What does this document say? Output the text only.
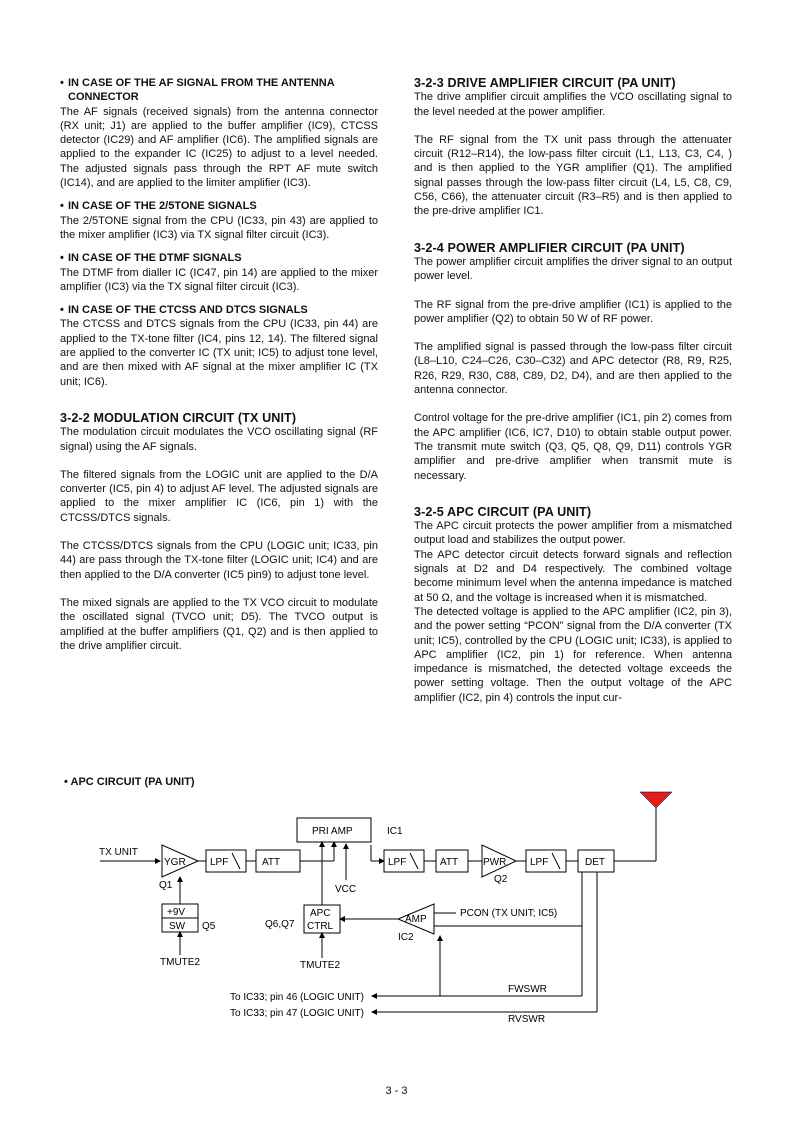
• IN CASE OF THE AF SIGNAL FROM THE ANTENNA
CONNECTOR

The AF signals (received signals) from the antenna connector (RX unit; J1) are applied to the buffer amplifier (IC9), CTCSS detector (IC29) and AF amplifier (IC6). The amplified signals are applied to the expander IC (IC25) to adjust to a level needed. The adjusted signals pass through the RPT AF mute switch (IC14), and are applied to the limiter amplifier (IC3).

• IN CASE OF THE 2/5TONE SIGNALS

The 2/5TONE signal from the CPU (IC33, pin 43) are applied to the mixer amplifier (IC3) via TX signal filter circuit (IC3).

• IN CASE OF THE DTMF SIGNALS

The DTMF from dialler IC (IC47, pin 14) are applied to the mixer amplifier (IC3) via the TX signal filter circuit (IC3).

• IN CASE OF THE CTCSS AND DTCS SIGNALS

The CTCSS and DTCS signals from the CPU (IC33, pin 44) are applied to the TX-tone filter (IC4, pins 12, 14). The filtered signal are applied to the converter IC (TX unit; IC5) to adjust tone level, and are then mixed with AF signal at the mixer amplifier IC (TX unit; IC6).

3-2-2 MODULATION CIRCUIT (TX UNIT)

The modulation circuit modulates the VCO oscillating signal (RF signal) using the AF signals.

The filtered signals from the LOGIC unit are applied to the D/A converter (IC5, pin 4) to adjust AF level. The adjusted signals are applied to the mixer amplifier IC (IC6, pin 1) with the CTCSS/DTCS signals.

The CTCSS/DTCS signals from the CPU (LOGIC unit; IC33, pin 44) are pass through the TX-tone filter (LOGIC unit; IC4) and are then applied to the D/A converter (IC5 pin9) to adjust tone level.

The mixed signals are applied to the TX VCO circuit to modulate the oscillated signal (TVCO unit; D5). The TVCO output is amplified at the buffer amplifiers (Q1, Q2) and is then applied to the drive amplifier circuit.

3-2-3 DRIVE AMPLIFIER CIRCUIT (PA UNIT)

The drive amplifier circuit amplifies the VCO oscillating signal to the level needed at the power amplifier.

The RF signal from the TX unit pass through the attenuater circuit (R12–R14), the low-pass filter circuit (L1, L13, C3, C4, ) and is then applied to the YGR amplifier (Q1). The amplified signal passes through the low-pass filter circuit (L4, L5, C8, C9, C56, C66), the attenuater circuit (R3–R5) and is then applied to the pre-drive amplifier IC1.

3-2-4 POWER AMPLIFIER CIRCUIT (PA UNIT)

The power amplifier circuit amplifies the driver signal to an output power level.

The RF signal from the pre-drive amplifier (IC1) is applied to the power amplifier (Q2) to obtain 50 W of RF power.

The amplified signal is passed through the low-pass filter circuit (L8–L10, C24–C26, C30–C32) and APC detector (R8, R9, R25, R26, R29, R30, C88, C89, D2, D4), and are then applied to the antenna connector.

Control voltage for the pre-drive amplifier (IC1, pin 2) comes from the APC amplifier (IC6, IC7, D10) to obtain stable output power. The transmit mute switch (Q3, Q5, Q8, Q9, D11) controls YGR amplifier and pre-drive amplifier when transmit mute is necessary.

3-2-5 APC CIRCUIT (PA UNIT)

The APC circuit protects the power amplifier from a mismatched output load and stabilizes the output power.

The APC detector circuit detects forward signals and reflection signals at D2 and D4 respectively. The combined voltage become minimum level when the antenna impedance is matched at 50 Ω, and the voltage is increased when it is mismatched.

The detected voltage is applied to the APC amplifier (IC2, pin 3), and the power setting “PCON” signal from the D/A converter (TX unit; IC5), controlled by the CPU (LOGIC unit; IC33), is applied to APC amplifier (IC2, pin 1) for reference. When antenna impedance is mismatched, the detected voltage exceeds the power setting voltage. Then the output voltage of the APC amplifier (IC2, pin 4) controls the input cur-

• APC CIRCUIT (PA UNIT)
TX UNIT
YGR
Q1
LPF	ATT
PRI AMP	IC1
VCC
LPF	ATT PWR
Q2
LPF	DET
+9V
SW Q5	Q6,Q7
APC
CTRL
AMP
IC2
PCON (TX UNIT; IC5)
TMUTE2	TMUTE2
To IC33; pin 46 (LOGIC UNIT)
To IC33; pin 47 (LOGIC UNIT)
FWSWR
RVSWR
3 - 3
